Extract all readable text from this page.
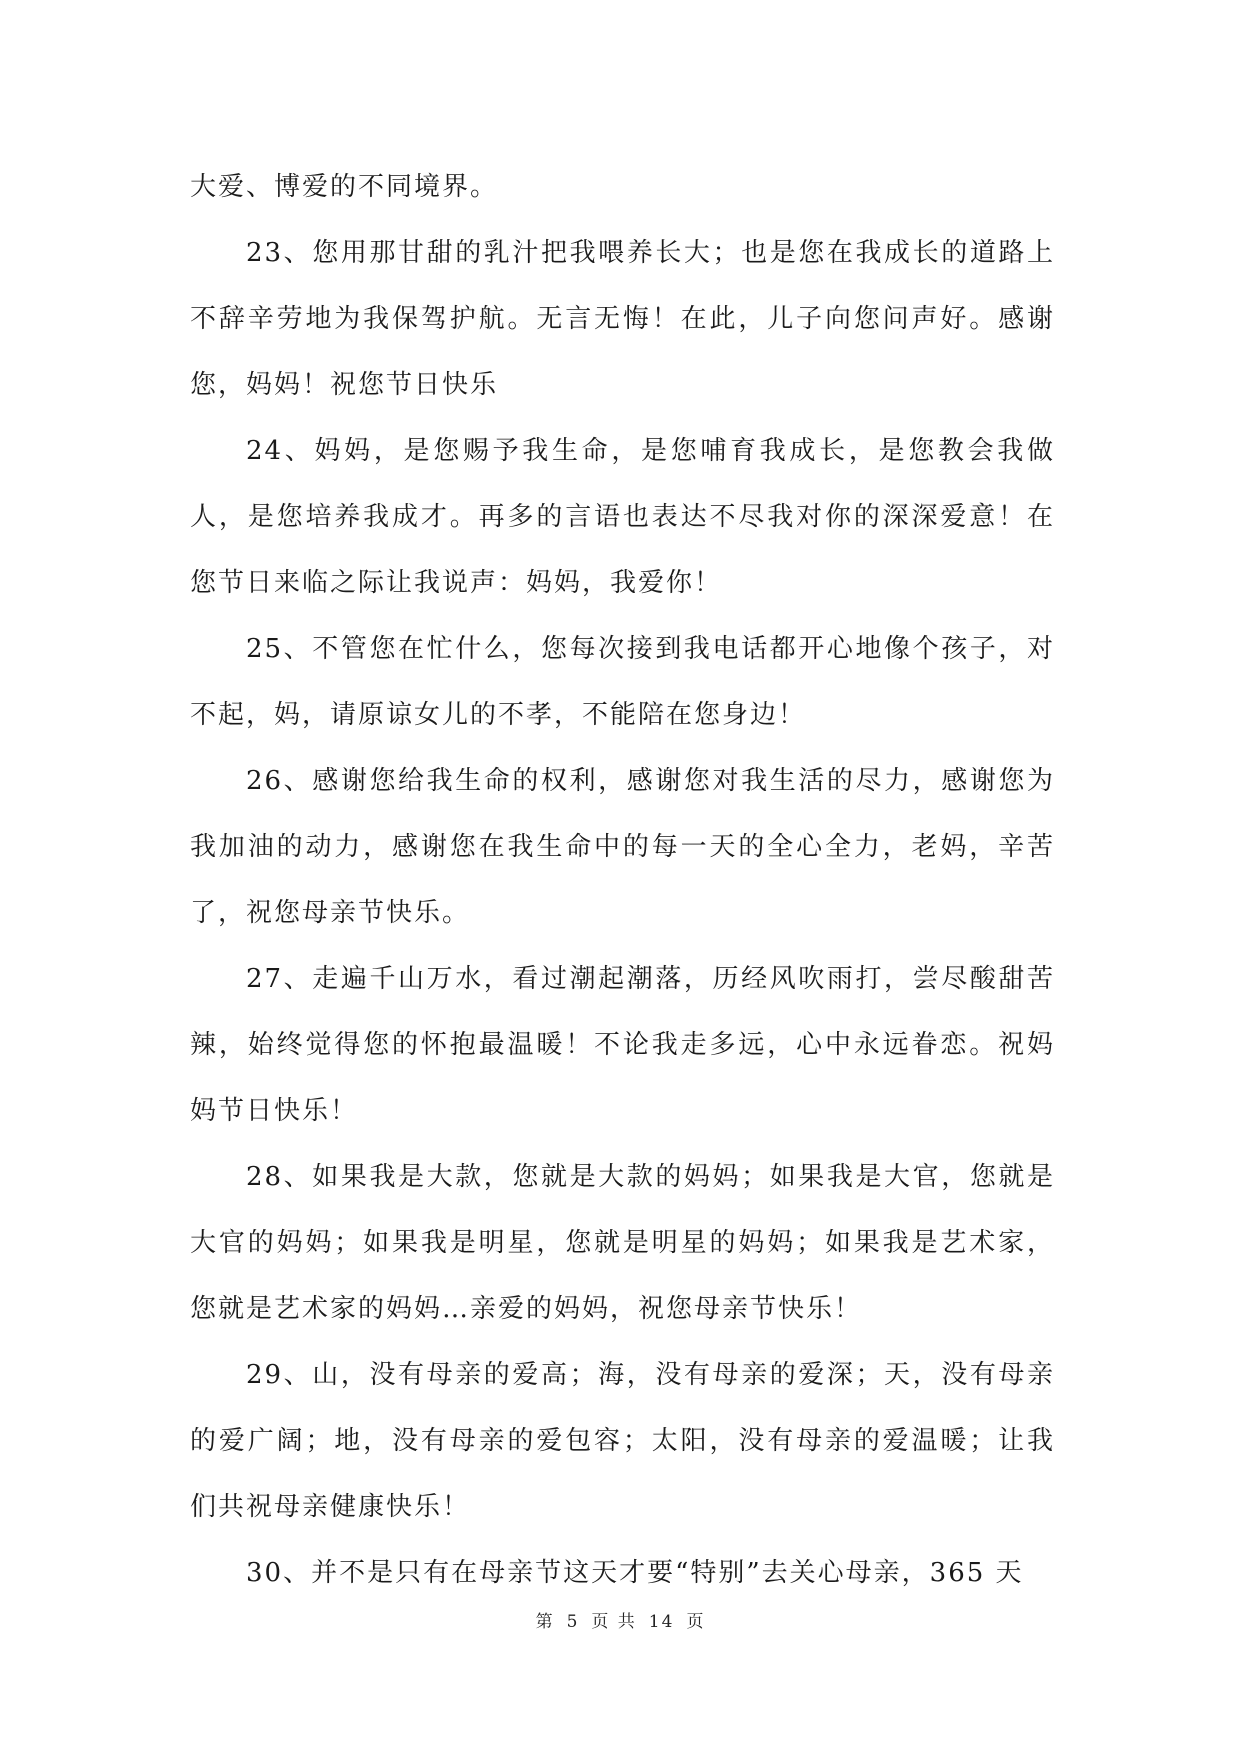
大爱、博爱的不同境界。

23、您用那甘甜的乳汁把我喂养长大；也是您在我成长的道路上不辞辛劳地为我保驾护航。无言无悔！在此，儿子向您问声好。感谢您，妈妈！祝您节日快乐

24、妈妈，是您赐予我生命，是您哺育我成长，是您教会我做人，是您培养我成才。再多的言语也表达不尽我对你的深深爱意！在您节日来临之际让我说声：妈妈，我爱你！

25、不管您在忙什么，您每次接到我电话都开心地像个孩子，对不起，妈，请原谅女儿的不孝，不能陪在您身边！

26、感谢您给我生命的权利，感谢您对我生活的尽力，感谢您为我加油的动力，感谢您在我生命中的每一天的全心全力，老妈，辛苦了，祝您母亲节快乐。

27、走遍千山万水，看过潮起潮落，历经风吹雨打，尝尽酸甜苦辣，始终觉得您的怀抱最温暖！不论我走多远，心中永远眷恋。祝妈妈节日快乐！

28、如果我是大款，您就是大款的妈妈；如果我是大官，您就是大官的妈妈；如果我是明星，您就是明星的妈妈；如果我是艺术家，您就是艺术家的妈妈…亲爱的妈妈，祝您母亲节快乐！

29、山，没有母亲的爱高；海，没有母亲的爱深；天，没有母亲的爱广阔；地，没有母亲的爱包容；太阳，没有母亲的爱温暖；让我们共祝母亲健康快乐！

30、并不是只有在母亲节这天才要“特别”去关心母亲，365 天

第 5 页 共 14 页
